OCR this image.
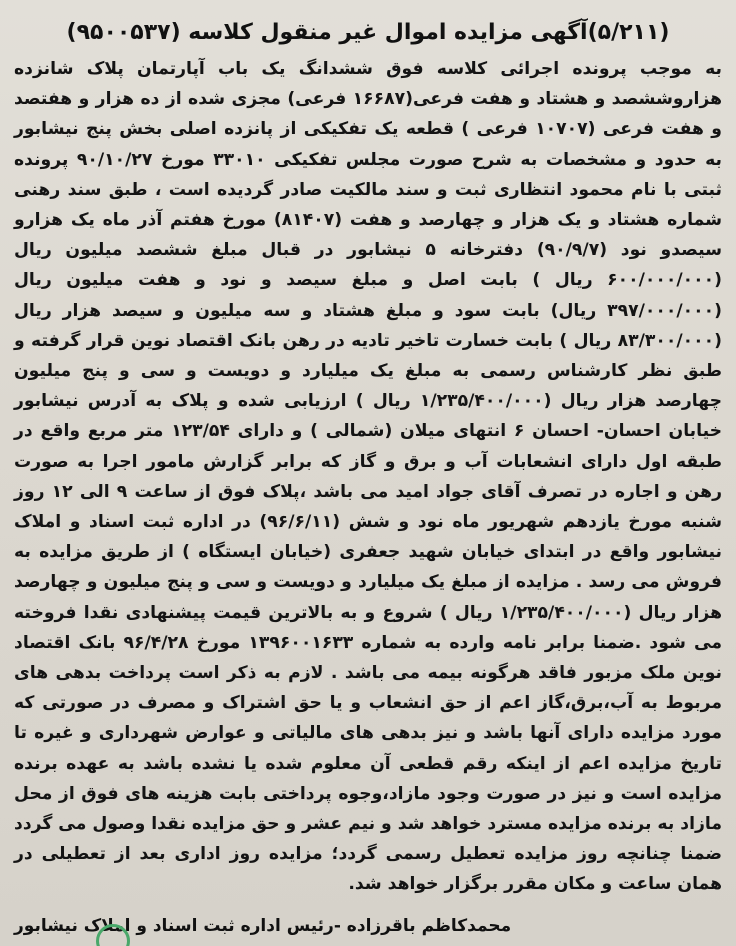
(۵/۲۱۱)آگهی مزایده اموال غیر منقول کلاسه (۹۵۰۰۵۳۷)

به موجب پرونده اجرائی کلاسه فوق ششدانگ یک باب آپارتمان پلاک شانزده هزاروششصد و هشتاد و هفت فرعی(۱۶۶۸۷ فرعی) مجزی شده از ده هزار و هفتصد و هفت فرعی (۱۰۷۰۷ فرعی ) قطعه یک تفکیکی از پانزده اصلی بخش پنج نیشابور به حدود و مشخصات به شرح صورت مجلس تفکیکی ۳۳۰۱۰ مورخ ۹۰/۱۰/۲۷ پرونده ثبتی با نام محمود انتظاری ثبت و سند مالکیت صادر گردیده است ، طبق سند رهنی شماره هشتاد و یک هزار و چهارصد و هفت (۸۱۴۰۷) مورخ هفتم آذر ماه یک هزارو سیصدو نود (۹۰/۹/۷) دفترخانه ۵ نیشابور در قبال مبلغ ششصد میلیون ریال (۶۰۰/۰۰۰/۰۰۰ ریال ) بابت اصل و مبلغ سیصد و نود و هفت میلیون ریال (۳۹۷/۰۰۰/۰۰۰ ریال) بابت سود و مبلغ هشتاد و سه میلیون و سیصد هزار ریال (۸۳/۳۰۰/۰۰۰ ریال ) بابت خسارت تاخیر تادیه در رهن بانک اقتصاد نوین قرار گرفته و طبق نظر کارشناس رسمی به مبلغ یک میلیارد و دویست و سی و پنج میلیون چهارصد هزار ریال (۱/۲۳۵/۴۰۰/۰۰۰ ریال ) ارزیابی شده و پلاک به آدرس نیشابور خیابان احسان- احسان ۶ انتهای میلان (شمالی ) و دارای ۱۲۳/۵۴ متر مربع واقع در طبقه اول دارای انشعابات آب و برق و گاز که برابر گزارش مامور اجرا به صورت رهن و اجاره در تصرف آقای جواد امید می باشد ،پلاک فوق از ساعت ۹ الی ۱۲ روز شنبه مورخ یازدهم شهریور ماه نود و شش (۹۶/۶/۱۱) در اداره ثبت اسناد و املاک نیشابور واقع در ابتدای خیابان شهید جعفری (خیابان ایستگاه ) از طریق مزایده به فروش می رسد . مزایده از مبلغ یک میلیارد و دویست و سی و پنج میلیون و چهارصد هزار ریال (۱/۲۳۵/۴۰۰/۰۰۰ ریال ) شروع و به بالاترین قیمت پیشنهادی نقدا فروخته می شود .ضمنا برابر نامه وارده به شماره ۱۳۹۶۰۰۱۶۳۳ مورخ ۹۶/۴/۲۸ بانک اقتصاد نوین ملک مزبور فاقد هرگونه بیمه می باشد . لازم به ذکر است پرداخت بدهی های مربوط به آب،برق،گاز اعم از حق انشعاب و یا حق اشتراک و مصرف در صورتی که مورد مزایده دارای آنها باشد و نیز بدهی های مالیاتی و عوارض شهرداری و غیره تا تاریخ مزایده اعم از اینکه رقم قطعی آن معلوم شده یا نشده باشد به عهده برنده مزایده است و نیز در صورت وجود مازاد،وجوه پرداختی بابت هزینه های فوق از محل مازاد به برنده مزایده مسترد خواهد شد و نیم عشر و حق مزایده نقدا وصول می گردد ضمنا چنانچه روز مزایده تعطیل رسمی گردد؛ مزایده روز اداری بعد از تعطیلی در همان ساعت و مکان مقرر برگزار خواهد شد.

محمدکاظم باقرزاده -رئیس اداره ثبت اسناد و املاک نیشابور
